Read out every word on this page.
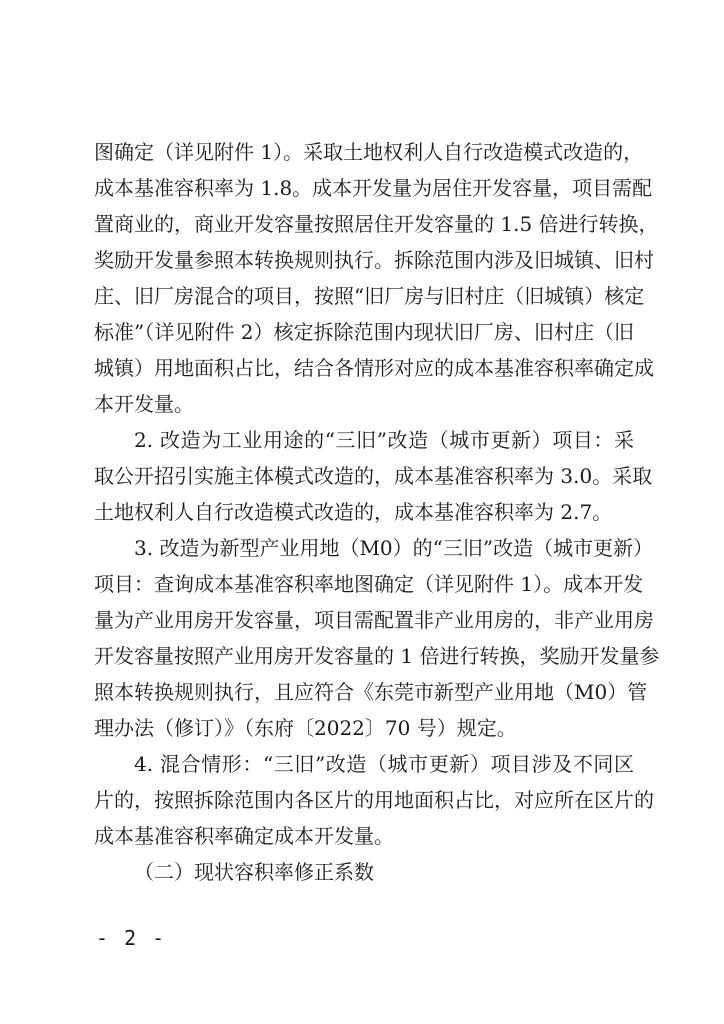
图确定（详见附件 1）。采取土地权利人自行改造模式改造的，
成本基准容积率为 1.8。成本开发量为居住开发容量，项目需配
置商业的，商业开发容量按照居住开发容量的 1.5 倍进行转换，
奖励开发量参照本转换规则执行。拆除范围内涉及旧城镇、旧村
庄、旧厂房混合的项目，按照“旧厂房与旧村庄（旧城镇）核定
标准”（详见附件 2）核定拆除范围内现状旧厂房、旧村庄（旧
城镇）用地面积占比，结合各情形对应的成本基准容积率确定成
本开发量。
2. 改造为工业用途的“三旧”改造（城市更新）项目：采
取公开招引实施主体模式改造的，成本基准容积率为 3.0。采取
土地权利人自行改造模式改造的，成本基准容积率为 2.7。
3. 改造为新型产业用地（M0）的“三旧”改造（城市更新）
项目：查询成本基准容积率地图确定（详见附件 1）。成本开发
量为产业用房开发容量，项目需配置非产业用房的，非产业用房
开发容量按照产业用房开发容量的 1 倍进行转换，奖励开发量参
照本转换规则执行，且应符合《东莞市新型产业用地（M0）管
理办法（修订）》（东府〔2022〕70 号）规定。
4. 混合情形：“三旧”改造（城市更新）项目涉及不同区
片的，按照拆除范围内各区片的用地面积占比，对应所在区片的
成本基准容积率确定成本开发量。
（二）现状容积率修正系数
- 2 -
